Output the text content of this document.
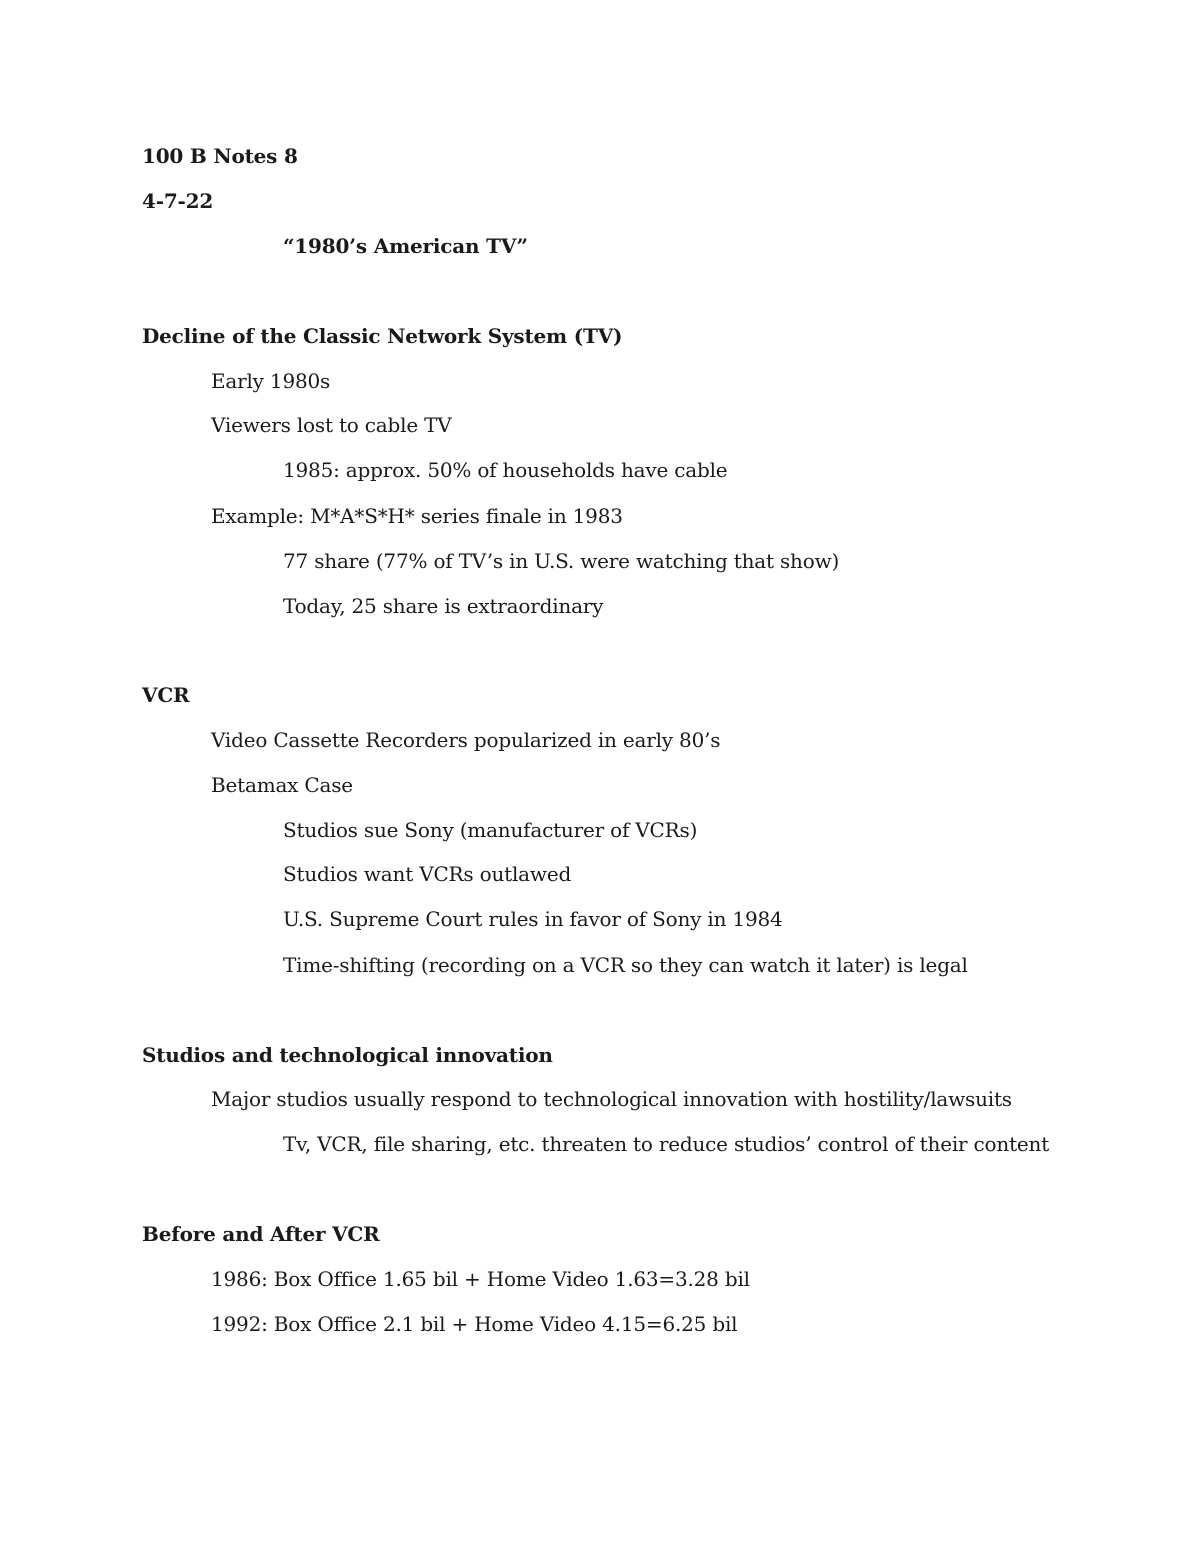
100 B Notes 8
4-7-22
“1980’s American TV”
Decline of the Classic Network System (TV)
Early 1980s
Viewers lost to cable TV
1985: approx. 50% of households have cable
Example: M*A*S*H* series finale in 1983
77 share (77% of TV’s in U.S. were watching that show)
Today, 25 share is extraordinary
VCR
Video Cassette Recorders popularized in early 80’s
Betamax Case
Studios sue Sony (manufacturer of VCRs)
Studios want VCRs outlawed
U.S. Supreme Court rules in favor of Sony in 1984
Time-shifting (recording on a VCR so they can watch it later) is legal
Studios and technological innovation
Major studios usually respond to technological innovation with hostility/lawsuits
Tv, VCR, file sharing, etc. threaten to reduce studios’ control of their content
Before and After VCR
1986: Box Office 1.65 bil + Home Video 1.63=3.28 bil
1992: Box Office 2.1 bil + Home Video 4.15=6.25 bil
